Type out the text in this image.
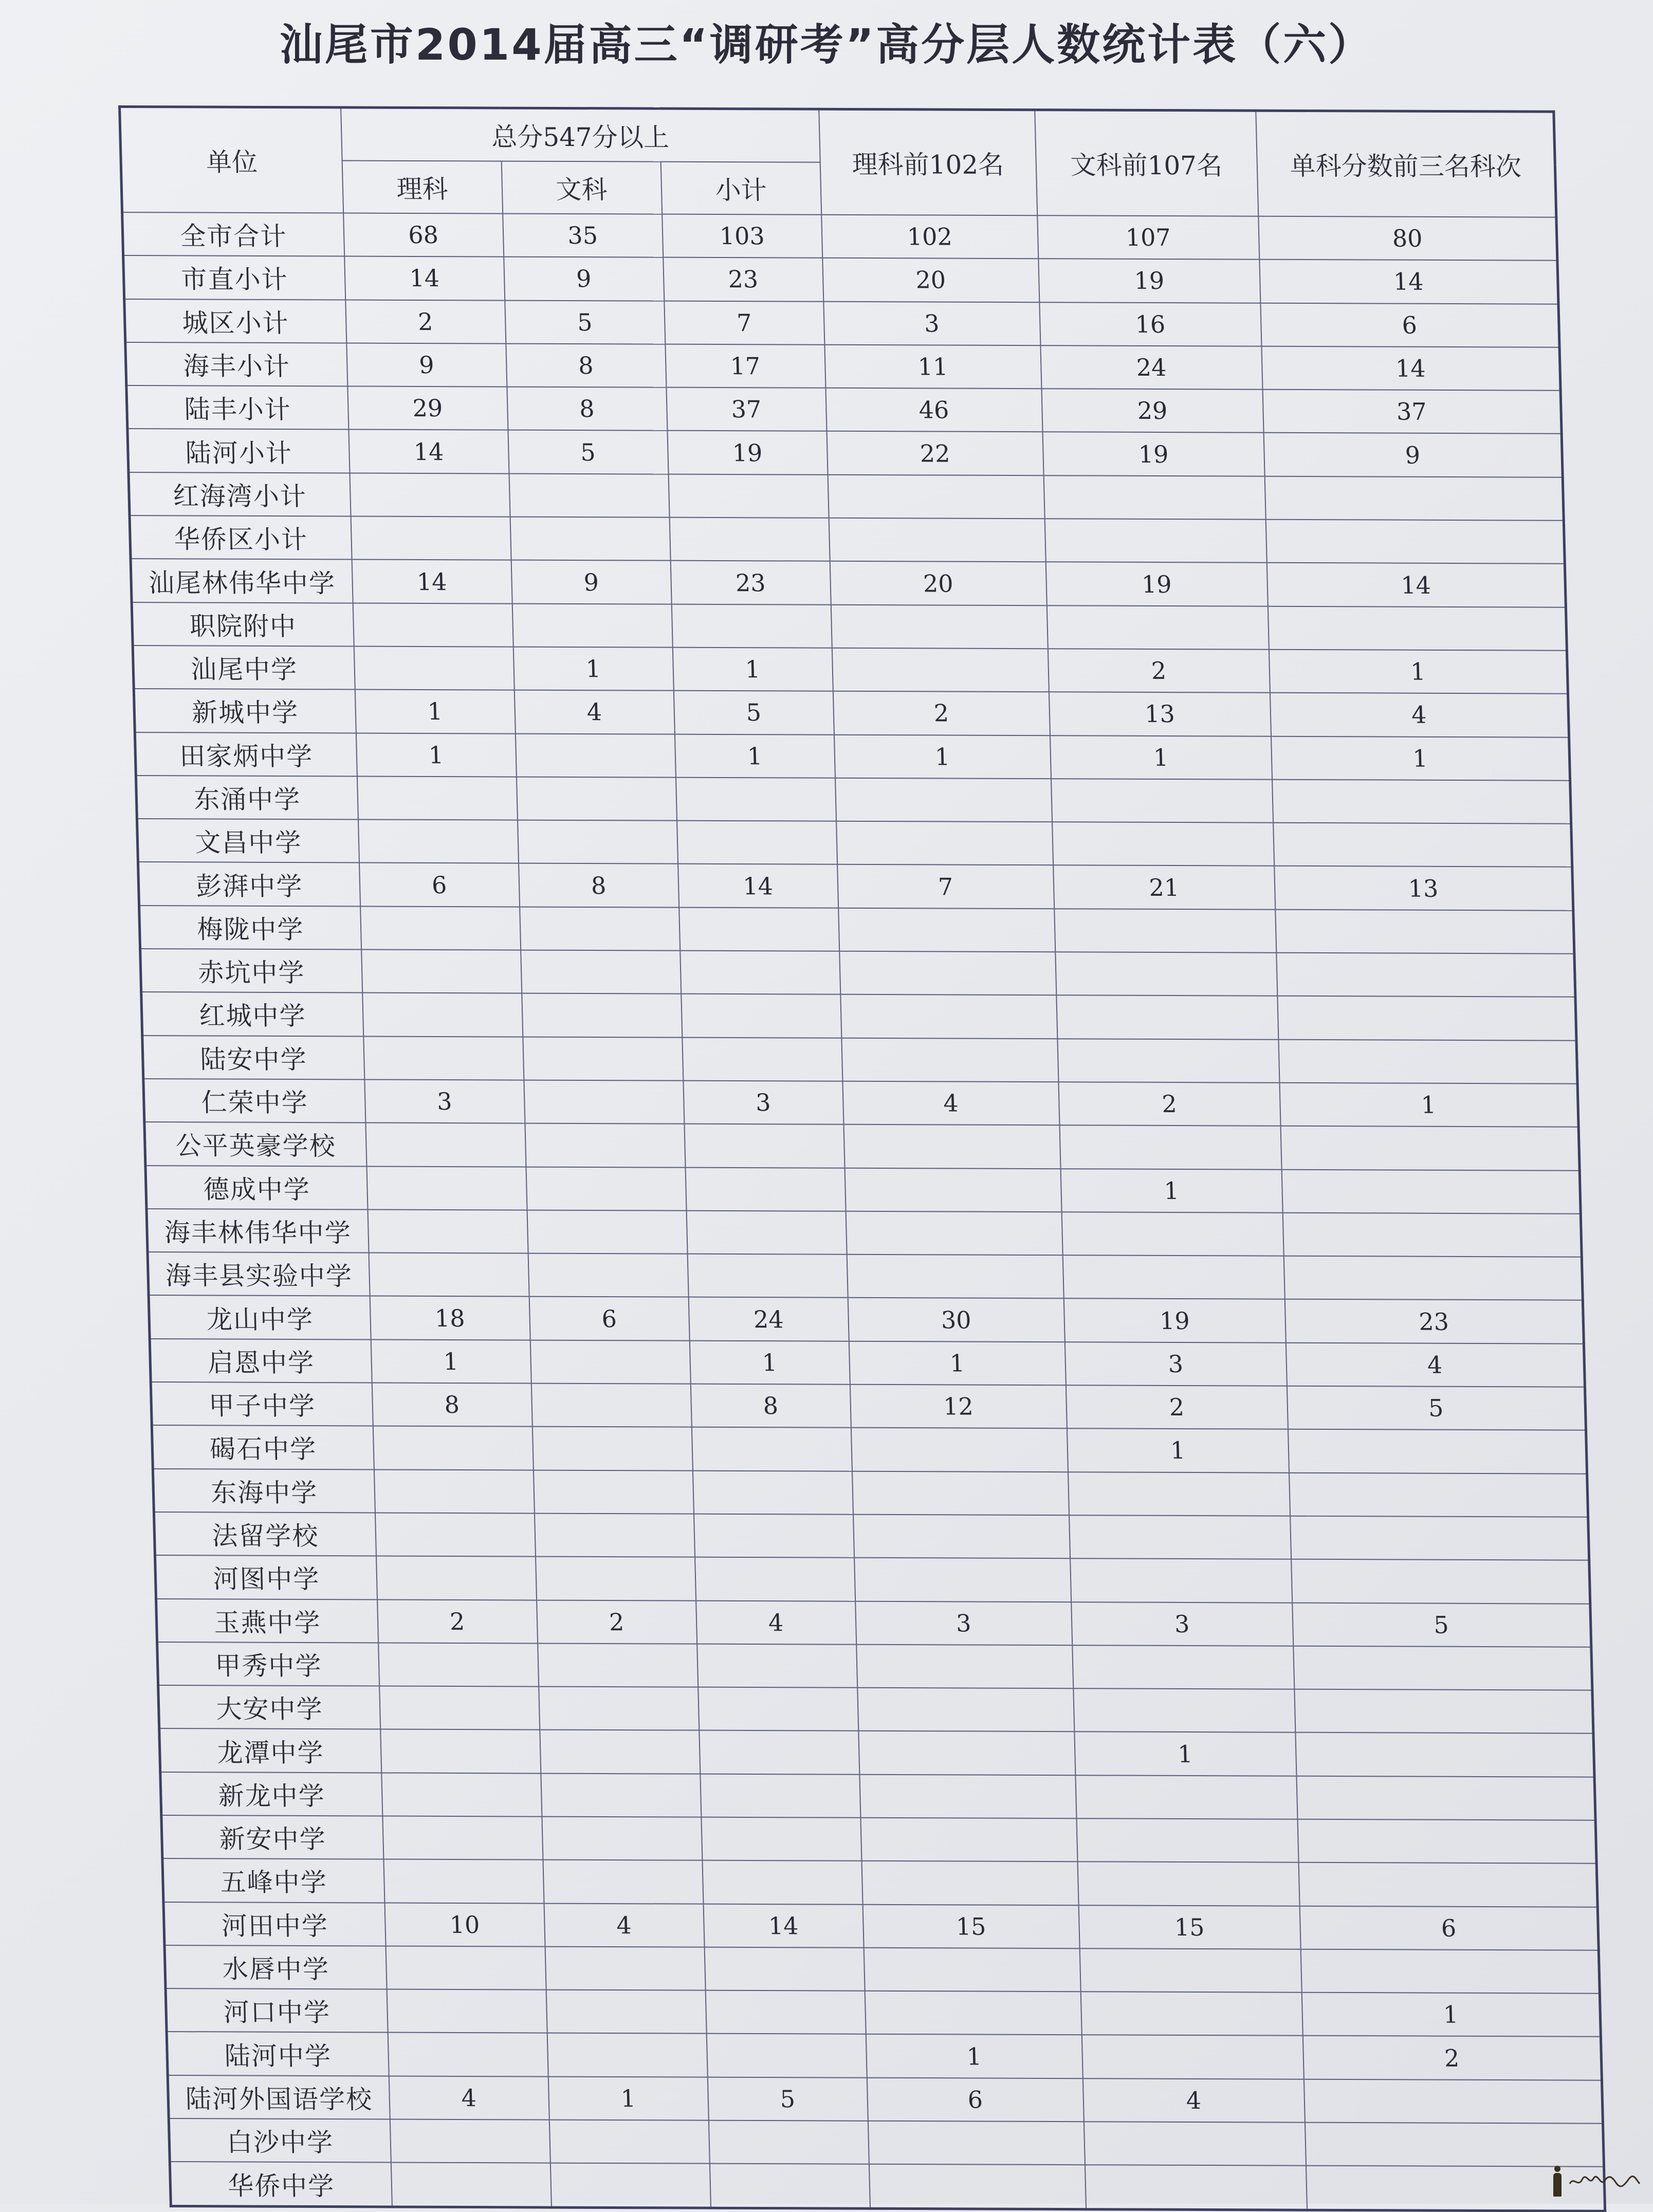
汕尾市2014届高三“调研考”高分层人数统计表（六）
单位	总分547分以上			理科前102名	文科前107名	单科分数前三名科次
	理科	文科	小计			
全市合计	68	35	103	102	107	80
市直小计	14	9	23	20	19	14
城区小计	2	5	7	3	16	6
海丰小计	9	8	17	11	24	14
陆丰小计	29	8	37	46	29	37
陆河小计	14	5	19	22	19	9
红海湾小计						
华侨区小计						
汕尾林伟华中学	14	9	23	20	19	14
职院附中						
汕尾中学		1	1		2	1
新城中学	1	4	5	2	13	4
田家炳中学	1		1	1	1	1
东涌中学						
文昌中学						
彭湃中学	6	8	14	7	21	13
梅陇中学						
赤坑中学						
红城中学						
陆安中学						
仁荣中学	3		3	4	2	1
公平英豪学校						
德成中学					1	
海丰林伟华中学						
海丰县实验中学						
龙山中学	18	6	24	30	19	23
启恩中学	1		1	1	3	4
甲子中学	8		8	12	2	5
碣石中学					1	
东海中学						
法留学校						
河图中学						
玉燕中学	2	2	4	3	3	5
甲秀中学						
大安中学						
龙潭中学					1	
新龙中学						
新安中学						
五峰中学						
河田中学	10	4	14	15	15	6
水唇中学						
河口中学						1
陆河中学				1		2
陆河外国语学校	4	1	5	6	4	
白沙中学						
华侨中学						
